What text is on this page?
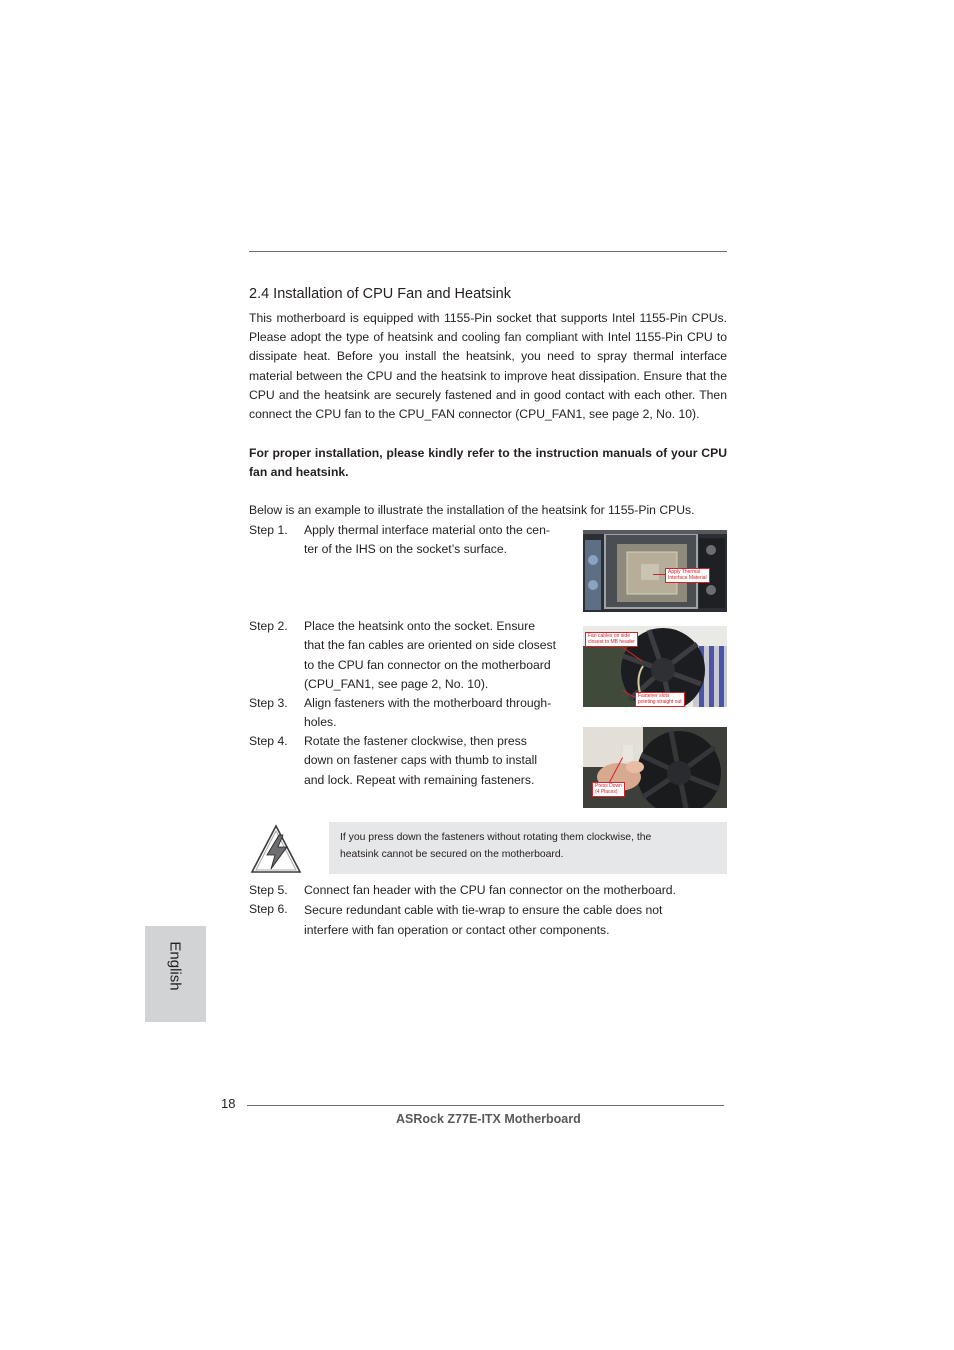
2.4 Installation of CPU Fan and Heatsink

This motherboard is equipped with 1155-Pin socket that supports Intel 1155-Pin CPUs. Please adopt the type of heatsink and cooling fan compliant with Intel 1155-Pin CPU to dissipate heat. Before you install the heatsink, you need to spray thermal interface material between the CPU and the heatsink to improve heat dissipation. Ensure that the CPU and the heatsink are securely fastened and in good contact with each other. Then connect the CPU fan to the CPU_FAN connector (CPU_FAN1, see page 2, No. 10).

For proper installation, please kindly refer to the instruction manuals of your CPU fan and heatsink.

Below is an example to illustrate the installation of the heatsink for 1155-Pin CPUs.

Step 1.	Apply thermal interface material onto the cen-
ter of the IHS on the socket’s surface.
Step 2.	Place the heatsink onto the socket. Ensure
that the fan cables are oriented on side closest
to the CPU fan connector on the motherboard
(CPU_FAN1, see page 2, No. 10).
Step 3.	Align fasteners with the motherboard through-
holes.
Step 4.	Rotate the fastener clockwise, then press
down on fastener caps with thumb to install
and lock. Repeat with remaining fasteners.
Apply Thermal
Interface Material
Fan cables on side
closest to MB header
Fastener slots
pointing straight out
Press Down
(4 Places)
If you press down the fasteners without rotating them clockwise, the
heatsink cannot be secured on the motherboard.
Step 5.	Connect fan header with the CPU fan connector on the motherboard.
Step 6.	Secure redundant cable with tie-wrap to ensure the cable does not
interfere with fan operation or contact other components.
English
18
ASRock Z77E-ITX Motherboard
